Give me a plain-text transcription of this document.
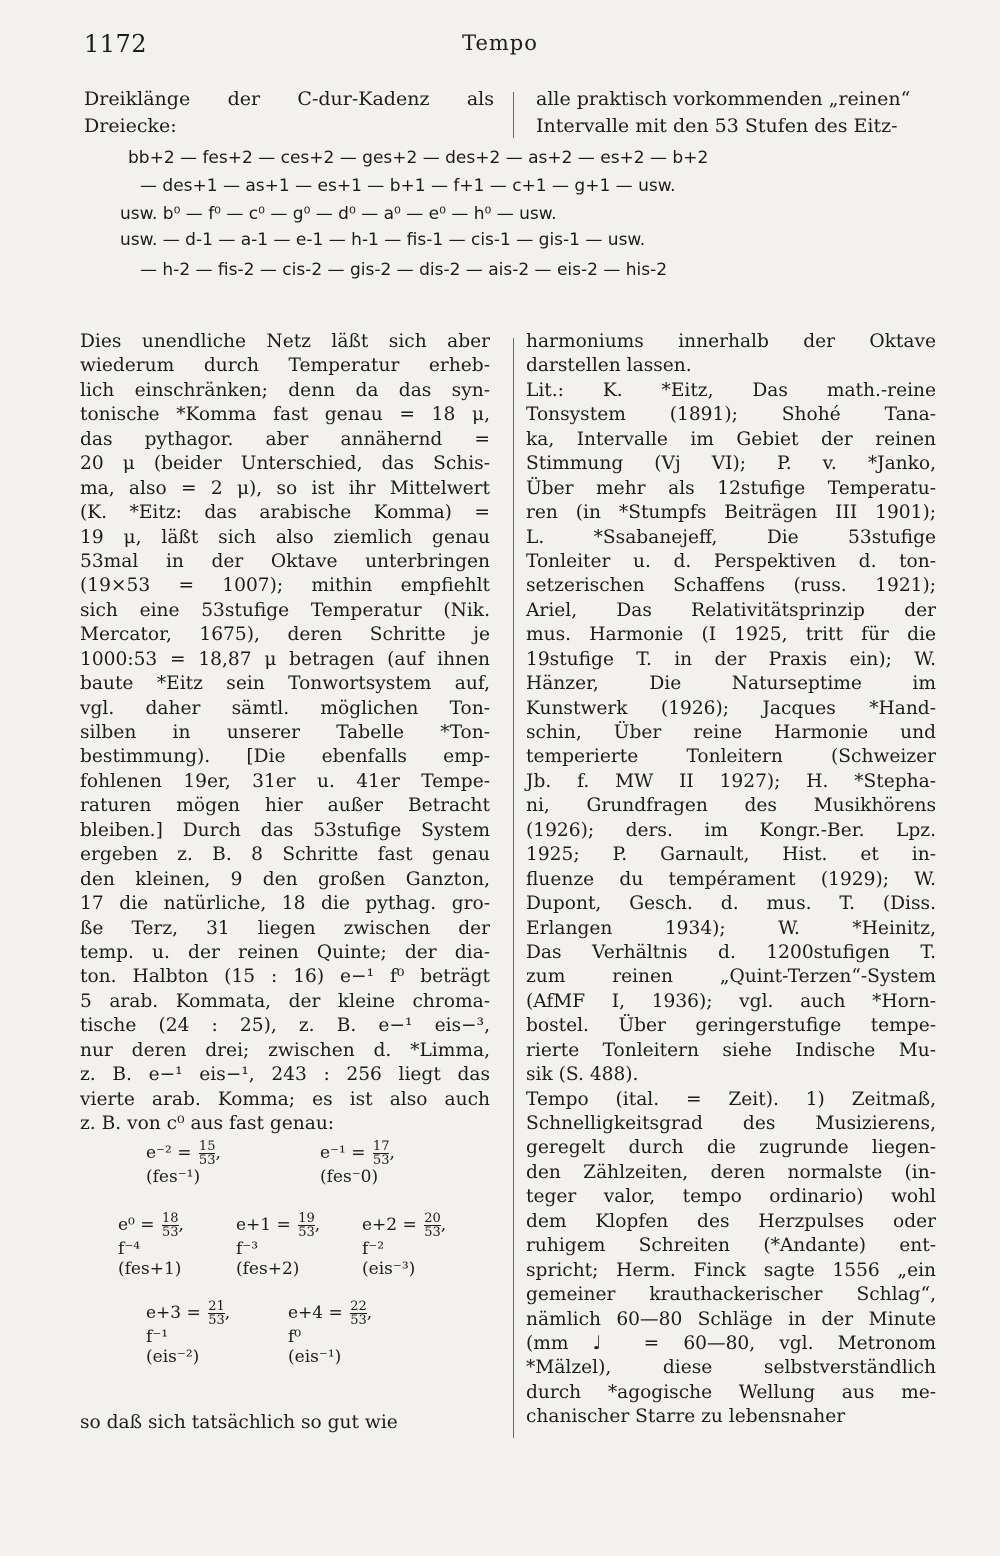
1172	Tempo
Dreiklänge der C-dur-Kadenz als
Dreiecke:
alle praktisch vorkommenden „reinen“
Intervalle mit den 53 Stufen des Eitz-
bb+2 — fes+2 — ces+2 — ges+2 — des+2 — as+2 — es+2 — b+2
— des+1 — as+1 — es+1 — b+1 — f+1 — c+1 — g+1 — usw.
usw. b⁰ — f⁰ — c⁰ — g⁰ — d⁰ — a⁰ — e⁰ — h⁰ — usw.
usw. — d-1 — a-1 — e-1 — h-1 — fis-1 — cis-1 — gis-1 — usw.
— h-2 — fis-2 — cis-2 — gis-2 — dis-2 — ais-2 — eis-2 — his-2
Dies unendliche Netz läßt sich aber
wiederum durch Temperatur erheb-
lich einschränken; denn da das syn-
tonische *Komma fast genau = 18 μ,
das pythagor. aber annähernd =
20 μ (beider Unterschied, das Schis-
ma, also = 2 μ), so ist ihr Mittelwert
(K. *Eitz: das arabische Komma) =
19 μ, läßt sich also ziemlich genau
53mal in der Oktave unterbringen
(19×53 = 1007); mithin empfiehlt
sich eine 53stufige Temperatur (Nik.
Mercator, 1675), deren Schritte je
1000:53 = 18,87 μ betragen (auf ihnen
baute *Eitz sein Tonwortsystem auf,
vgl. daher sämtl. möglichen Ton-
silben in unserer Tabelle *Ton-
bestimmung). [Die ebenfalls emp-
fohlenen 19er, 31er u. 41er Tempe-
raturen mögen hier außer Betracht
bleiben.] Durch das 53stufige System
ergeben z. B. 8 Schritte fast genau
den kleinen, 9 den großen Ganzton,
17 die natürliche, 18 die pythag. gro-
ße Terz, 31 liegen zwischen der
temp. u. der reinen Quinte; der dia-
ton. Halbton (15 : 16) e−¹ f⁰ beträgt
5 arab. Kommata, der kleine chroma-
tische (24 : 25), z. B. e−¹ eis−³,
nur deren drei; zwischen d. *Limma,
z. B. e−¹ eis−¹, 243 : 256 liegt das
vierte arab. Komma; es ist also auch
z. B. von c⁰ aus fast genau:
harmoniums innerhalb der Oktave
darstellen lassen.
Lit.: K. *Eitz, Das math.-reine
Tonsystem (1891); Shohé Tana-
ka, Intervalle im Gebiet der reinen
Stimmung (Vj VI); P. v. *Janko,
Über mehr als 12stufige Temperatu-
ren (in *Stumpfs Beiträgen III 1901);
L. *Ssabanejeff, Die 53stufige
Tonleiter u. d. Perspektiven d. ton-
setzerischen Schaffens (russ. 1921);
Ariel, Das Relativitätsprinzip der
mus. Harmonie (I 1925, tritt für die
19stufige T. in der Praxis ein); W.
Hänzer, Die Naturseptime im
Kunstwerk (1926); Jacques *Hand-
schin, Über reine Harmonie und
temperierte Tonleitern (Schweizer
Jb. f. MW II 1927); H. *Stepha-
ni, Grundfragen des Musikhörens
(1926); ders. im Kongr.-Ber. Lpz.
1925; P. Garnault, Hist. et in-
fluenze du tempérament (1929); W.
Dupont, Gesch. d. mus. T. (Diss.
Erlangen 1934); W. *Heinitz,
Das Verhältnis d. 1200stufigen T.
zum reinen „Quint-Terzen“-System
(AfMF I, 1936); vgl. auch *Horn-
bostel. Über geringerstufige tempe-
rierte Tonleitern siehe Indische Mu-
sik (S. 488).
Tempo (ital. = Zeit). 1) Zeitmaß,
Schnelligkeitsgrad des Musizierens,
geregelt durch die zugrunde liegen-
den Zählzeiten, deren normalste (in-
teger valor, tempo ordinario) wohl
dem Klopfen des Herzpulses oder
ruhigem Schreiten (*Andante) ent-
spricht; Herm. Finck sagte 1556 „ein
gemeiner krauthackerischer Schlag“,
nämlich 60—80 Schläge in der Minute
(mm ♩ = 60—80, vgl. Metronom
*Mälzel), diese selbstverständlich
durch *agogische Wellung aus me-
chanischer Starre zu lebensnaher
$e^{-2} = \frac{15}{53}$ ,
(fes⁻¹)
$e^{-1} = \frac{17}{53}$ ,
(fes⁻0)
$e^0 = \frac{18}{53}$ ,
f⁻⁴
(fes+1)
$e+1 = \frac{19}{53}$ ,
f⁻³
(fes+2)
$e+2 = \frac{20}{53}$ ,
f⁻²
(eis⁻³)
$e+3 = \frac{21}{53}$ ,
f⁻¹
(eis⁻²)
$e+4 = \frac{22}{53}$ ,
f⁰
(eis⁻¹)
so daß sich tatsächlich so gut wie
